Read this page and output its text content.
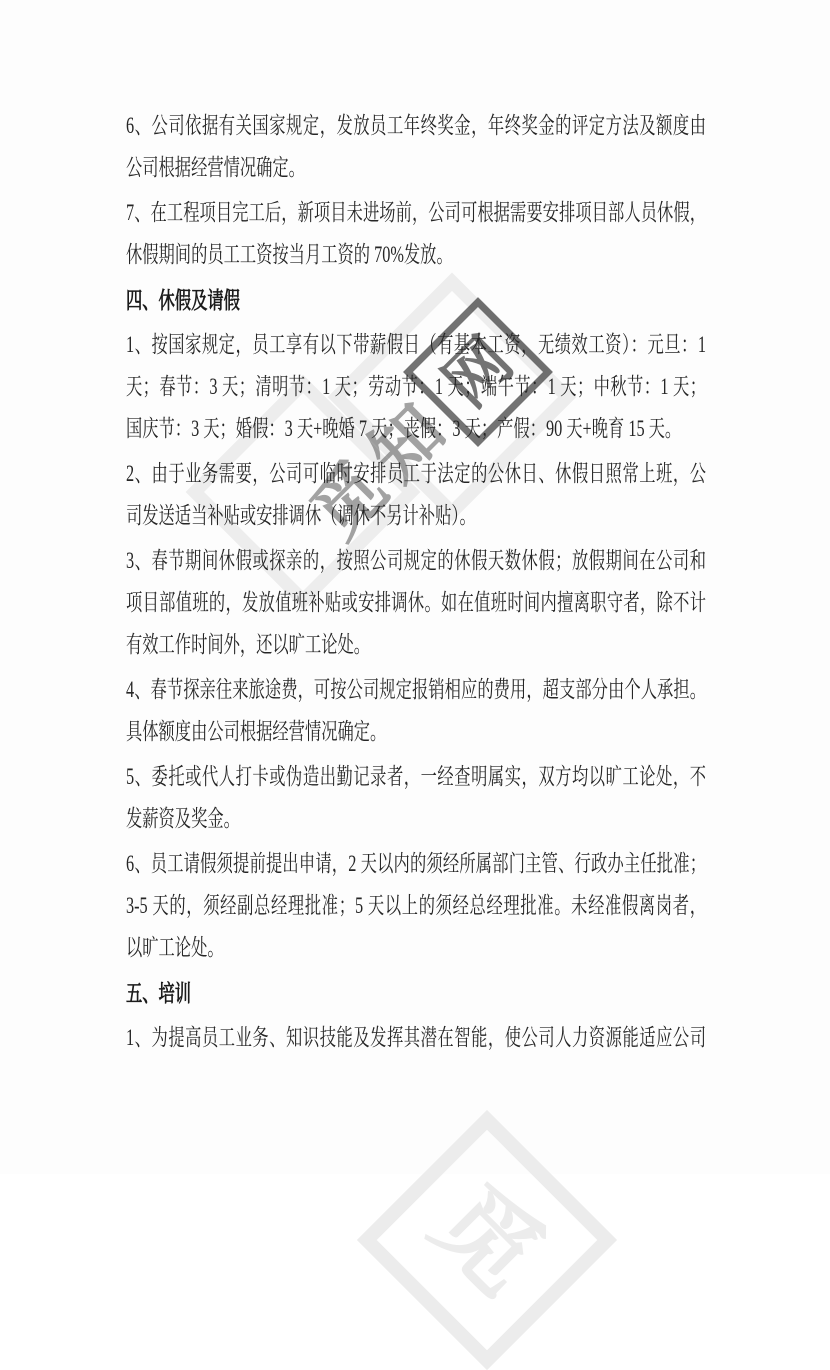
觅
知
网
觅
6、公司依据有关国家规定，发放员工年终奖金，年终奖金的评定方法及额度由
公司根据经营情况确定。
7、在工程项目完工后，新项目未进场前，公司可根据需要安排项目部人员休假，
休假期间的员工工资按当月工资的 70%发放。
四、休假及请假
1、按国家规定，员工享有以下带薪假日（有基本工资，无绩效工资）：元旦：1
天；春节：3 天；清明节：1 天；劳动节：1 天；端午节：1 天；中秋节：1 天；
国庆节：3 天；婚假：3 天+晚婚 7 天；丧假：3 天；产假：90 天+晚育 15 天。
2、由于业务需要，公司可临时安排员工于法定的公休日、休假日照常上班，公
司发送适当补贴或安排调休（调休不另计补贴）。
3、春节期间休假或探亲的，按照公司规定的休假天数休假；放假期间在公司和
项目部值班的，发放值班补贴或安排调休。如在值班时间内擅离职守者，除不计
有效工作时间外，还以旷工论处。
4、春节探亲往来旅途费，可按公司规定报销相应的费用，超支部分由个人承担。
具体额度由公司根据经营情况确定。
5、委托或代人打卡或伪造出勤记录者，一经查明属实，双方均以旷工论处，不
发薪资及奖金。
6、员工请假须提前提出申请，2 天以内的须经所属部门主管、行政办主任批准；
3-5 天的，须经副总经理批准；5 天以上的须经总经理批准。未经准假离岗者，
以旷工论处。
五、培训
1、为提高员工业务、知识技能及发挥其潜在智能，使公司人力资源能适应公司
